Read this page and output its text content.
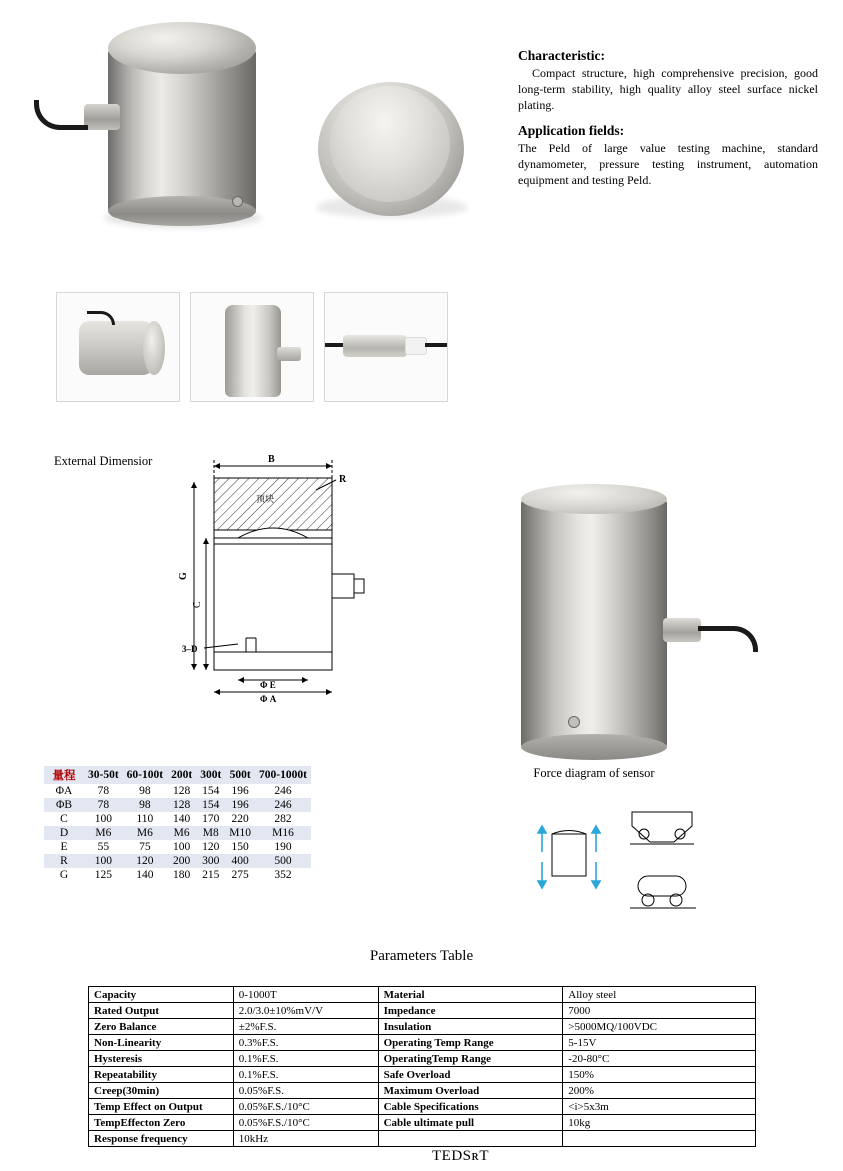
Characteristic:

Compact structure, high comprehensive precision, good long-term stability, high quality alloy steel surface nickel plating.

Application fields:

The Peld of large value testing machine, standard dynamometer, pressure testing instrument, automation equipment and testing Peld.

External Dimensior	B
R
G
C
顶块
3–D
Φ E
Φ A
Force diagram of sensor
量程	30-50t	60-100t	200t	300t	500t	700-1000t
ΦA	78	98	128	154	196	246
ΦB	78	98	128	154	196	246
C	100	110	140	170	220	282
D	M6	M6	M6	M8	M10	M16
E	55	75	100	120	150	190
R	100	120	200	300	400	500
G	125	140	180	215	275	352
Parameters Table
Capacity	0-1000T	Material	Alloy steel
Rated Output	2.0/3.0±10%mV/V	Impedance	7000
Zero Balance	±2%F.S.	Insulation	>5000MQ/100VDC
Non-Linearity	0.3%F.S.	Operating Temp Range	5-15V
Hysteresis	0.1%F.S.	OperatingTemp Range	-20-80°C
Repeatability	0.1%F.S.	Safe Overload	150%
Creep(30min)	0.05%F.S.	Maximum Overload	200%
Temp Effect on Output	0.05%F.S./10°C	Cable Specifications	<i>5x3m
TempEffecton Zero	0.05%F.S./10°C	Cable ultimate pull	10kg
Response frequency	10kHz		
TEDSʀT
